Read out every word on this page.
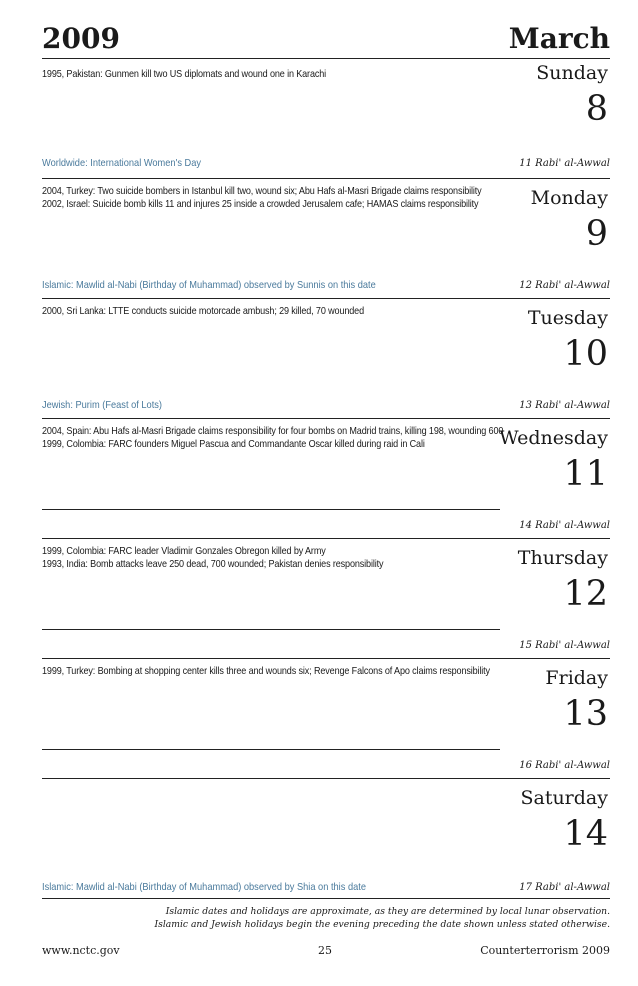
2009	March
1995, Pakistan: Gunmen kill two US diplomats and wound one in Karachi	Sunday
8
Worldwide: International Women's Day	11 Rabi' al-Awwal
2004, Turkey: Two suicide bombers in Istanbul kill two, wound six; Abu Hafs al-Masri Brigade claims responsibility
2002, Israel: Suicide bomb kills 11 and injures 25 inside a crowded Jerusalem cafe; HAMAS claims responsibility	Monday
9
Islamic: Mawlid al-Nabi (Birthday of Muhammad) observed by Sunnis on this date	12 Rabi' al-Awwal
2000, Sri Lanka: LTTE conducts suicide motorcade ambush; 29 killed, 70 wounded	Tuesday
10
Jewish: Purim (Feast of Lots)	13 Rabi' al-Awwal
2004, Spain: Abu Hafs al-Masri Brigade claims responsibility for four bombs on Madrid trains, killing 198, wounding 600
1999, Colombia: FARC founders Miguel Pascua and Commandante Oscar killed during raid in Cali	Wednesday
11
14 Rabi' al-Awwal
1999, Colombia: FARC leader Vladimir Gonzales Obregon killed by Army
1993, India: Bomb attacks leave 250 dead, 700 wounded; Pakistan denies responsibility	Thursday
12
15 Rabi' al-Awwal
1999, Turkey: Bombing at shopping center kills three and wounds six; Revenge Falcons of Apo claims responsibility	Friday
13
16 Rabi' al-Awwal
Saturday
14
Islamic: Mawlid al-Nabi (Birthday of Muhammad) observed by Shia on this date	17 Rabi' al-Awwal
Islamic dates and holidays are approximate, as they are determined by local lunar observation.
Islamic and Jewish holidays begin the evening preceding the date shown unless stated otherwise.
www.nctc.gov	25	Counterterrorism 2009
